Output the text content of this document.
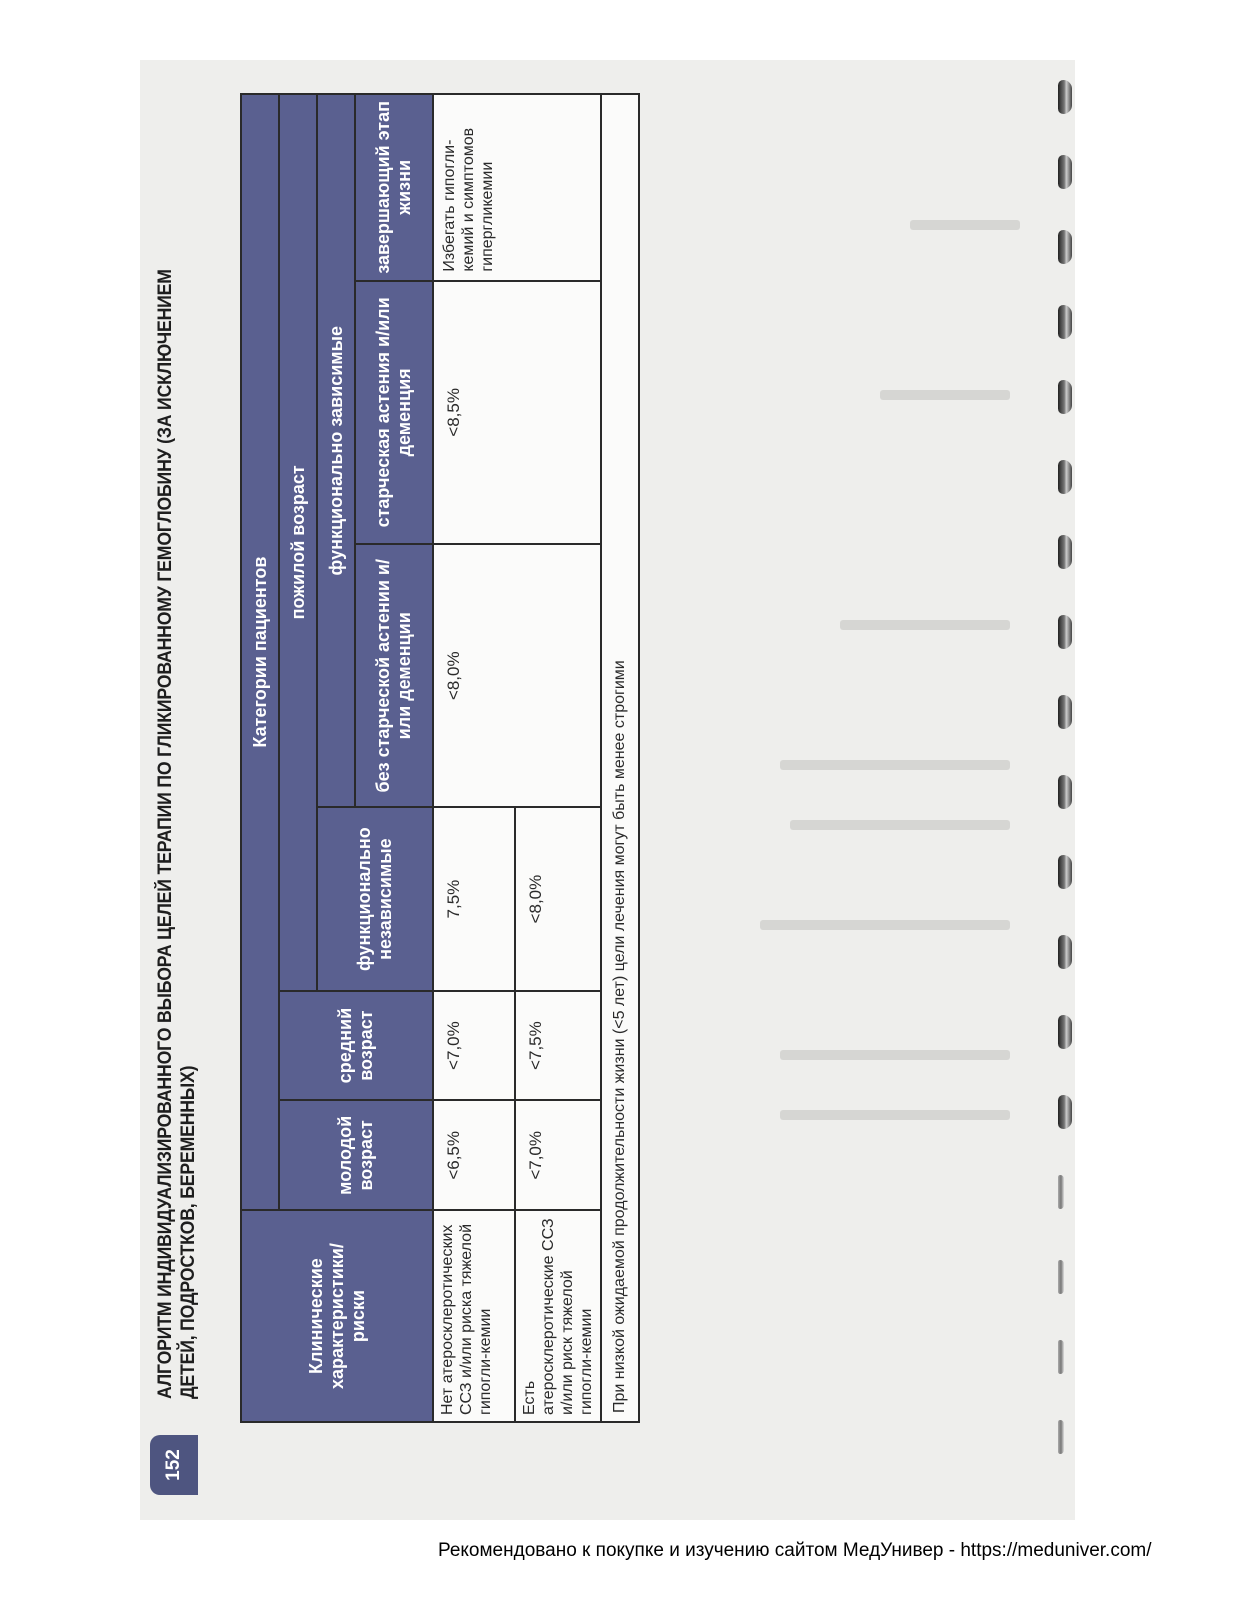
152
АЛГОРИТМ ИНДИВИДУАЛИЗИРОВАННОГО ВЫБОРА ЦЕЛЕЙ ТЕРАПИИ ПО ГЛИКИРОВАННОМУ ГЕМОГЛОБИНУ (ЗА ИСКЛЮЧЕНИЕМ ДЕТЕЙ, ПОДРОСТКОВ, БЕРЕМЕННЫХ)	Клинические характеристики/риски	Категории пациентов					
	молодой возраст	средний возраст	пожилой возраст			
			функционально независимые	функционально зависимые		
				без старческой астении и/или деменции	старческая астения и/или деменция	завершающий этап жизни
Нет атеросклеротических ССЗ и/или риска тяжелой гипогли-кемии	<6,5%	<7,0%	7,5%	<8,0%	<8,5%	Избегать гипогли-кемий и симптомов гипергликемии
Есть атеросклеротические ССЗ и/или риск тяжелой гипогли-кемии	<7,0%	<7,5%	<8,0%			
При низкой ожидаемой продолжительности жизни (<5 лет) цели лечения могут быть менее строгими						
Рекомендовано к покупке и изучению сайтом МедУнивер - https://meduniver.com/
